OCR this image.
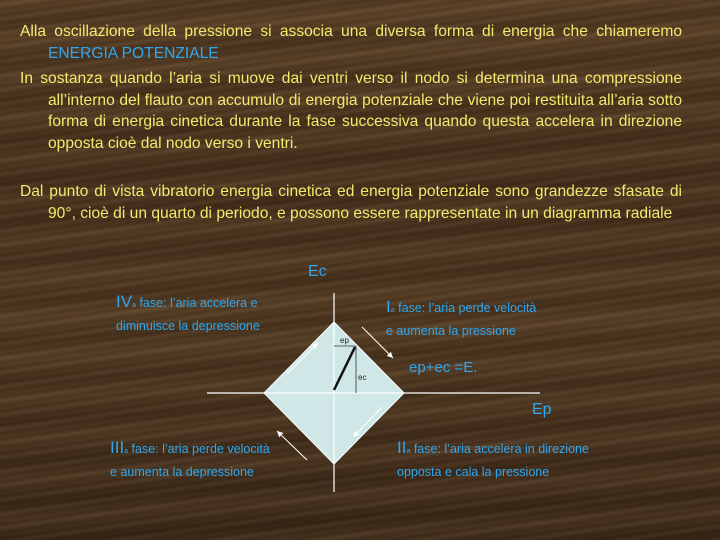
Alla oscillazione della pressione si associa una diversa forma di energia che chiameremo ENERGIA POTENZIALE
In sostanza quando l’aria si muove dai ventri verso il nodo si determina una compressione all’interno del flauto con accumulo di energia potenziale che viene poi restituita all’aria sotto forma di energia cinetica durante la fase successiva quando questa accelera in direzione opposta cioè dal nodo verso i ventri.
Dal punto di vista vibratorio energia cinetica ed energia potenziale sono grandezze sfasate di 90°, cioè di un quarto di periodo, e possono essere rappresentate in un diagramma radiale
Ec
Ep
ep
ec
ep+ec =E.
IVa fase: l’aria accelera e
diminuisce la depressione
Ia fase: l’aria perde velocità
e aumenta la pressione
IIIa fase: l’aria perde velocità
e aumenta la depressione
IIa fase: l’aria accelera in direzione
opposta e cala la pressione
